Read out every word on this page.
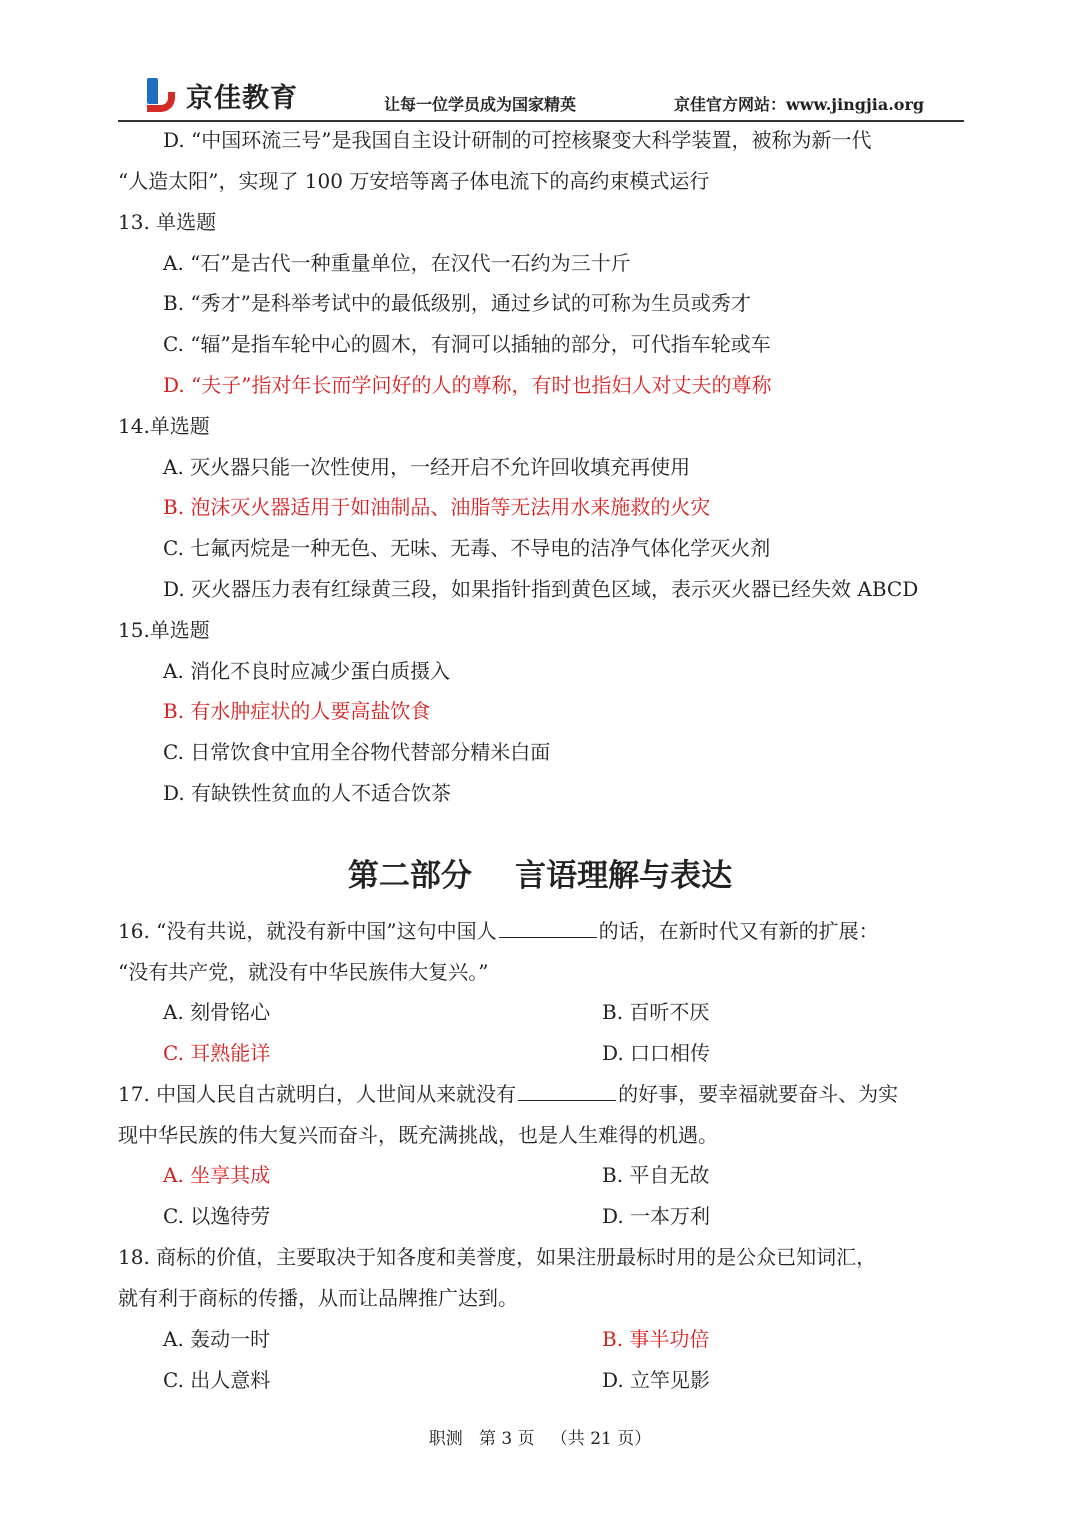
京佳教育	让每一位学员成为国家精英	京佳官方网站：www.jingjia.org
D. “中国环流三号”是我国自主设计研制的可控核聚变大科学装置，被称为新一代
“人造太阳”，实现了 100 万安培等离子体电流下的高约束模式运行
13. 单选题
A. “石”是古代一种重量单位，在汉代一石约为三十斤
B. “秀才”是科举考试中的最低级别，通过乡试的可称为生员或秀才
C. “辐”是指车轮中心的圆木，有洞可以插轴的部分，可代指车轮或车
D. “夫子”指对年长而学问好的人的尊称，有时也指妇人对丈夫的尊称
14.单选题
A. 灭火器只能一次性使用，一经开启不允许回收填充再使用
B. 泡沫灭火器适用于如油制品、油脂等无法用水来施救的火灾
C. 七氟丙烷是一种无色、无味、无毒、不导电的洁净气体化学灭火剂
D. 灭火器压力表有红绿黄三段，如果指针指到黄色区域，表示灭火器已经失效 ABCD
15.单选题
A. 消化不良时应减少蛋白质摄入
B. 有水肿症状的人要高盐饮食
C. 日常饮食中宜用全谷物代替部分精米白面
D. 有缺铁性贫血的人不适合饮茶
第二部分    言语理解与表达
16. “没有共说，就没有新中国”这句中国人	的话，在新时代又有新的扩展：
“没有共产党，就没有中华民族伟大复兴。”
A. 刻骨铭心	B. 百听不厌
C. 耳熟能详	D. 口口相传
17. 中国人民自古就明白，人世间从来就没有	的好事，要幸福就要奋斗、为实
现中华民族的伟大复兴而奋斗，既充满挑战，也是人生难得的机遇。
A. 坐享其成	B. 平自无故
C. 以逸待劳	D. 一本万利
18. 商标的价值，主要取决于知各度和美誉度，如果注册最标时用的是公众已知词汇，
就有利于商标的传播，从而让品牌推广达到。
A. 轰动一时	B. 事半功倍
C. 出人意料	D. 立竿见影
职测   第 3 页   （共 21 页）
